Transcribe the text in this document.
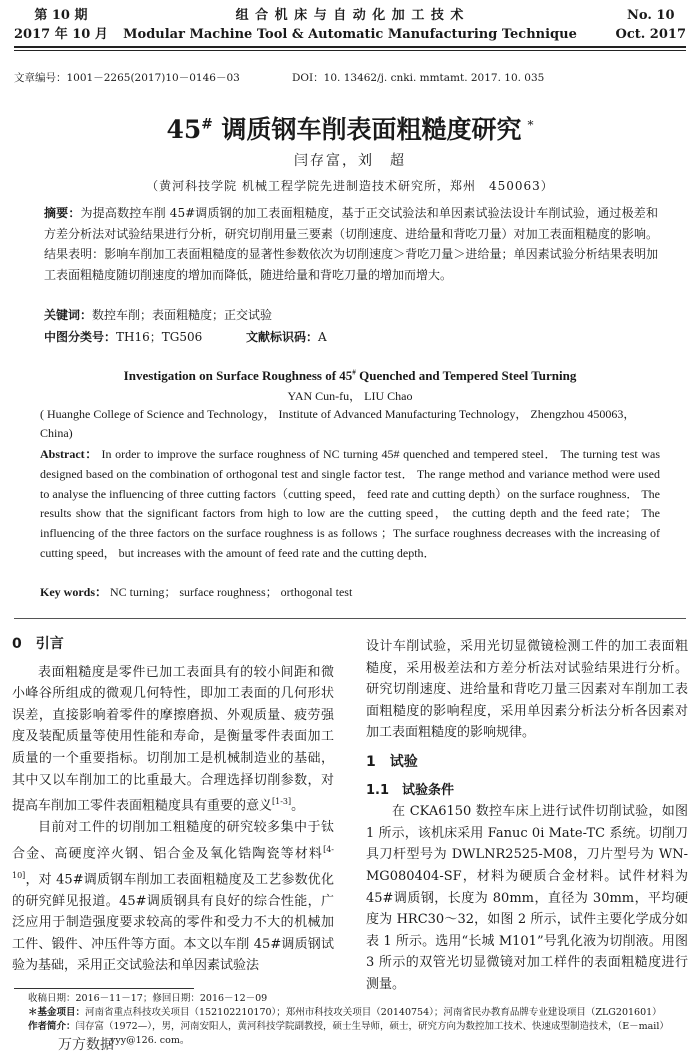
第 10 期
2017 年 10 月
组 合 机 床 与 自 动 化 加 工 技 术
Modular Machine Tool & Automatic Manufacturing Technique
No. 10
Oct. 2017
文章编号：1001－2265(2017)10－0146－03	DOI：10. 13462/j. cnki. mmtamt. 2017. 10. 035
45# 调质钢车削表面粗糙度研究 *
闫存富，刘　超
（黄河科技学院 机械工程学院先进制造技术研究所，郑州　450063）
摘要：为提高数控车削 45#调质钢的加工表面粗糙度，基于正交试验法和单因素试验法设计车削试验，通过极差和方差分析法对试验结果进行分析，研究切削用量三要素（切削速度、进给量和背吃刀量）对加工表面粗糙度的影响。结果表明：影响车削加工表面粗糙度的显著性参数依次为切削速度＞背吃刀量＞进给量；单因素试验分析结果表明加工表面粗糙度随切削速度的增加而降低，随进给量和背吃刀量的增加而增大。
关键词：数控车削；表面粗糙度；正交试验
中图分类号：TH16；TG506	文献标识码：A
Investigation on Surface Roughness of 45# Quenched and Tempered Steel Turning
YAN Cun-fu， LIU Chao
( Huanghe College of Science and Technology， Institute of Advanced Manufacturing Technology， Zhengzhou 450063， China)
Abstract： In order to improve the surface roughness of NC turning 45# quenched and tempered steel． The turning test was designed based on the combination of orthogonal test and single factor test． The range method and variance method were used to analyse the influencing of three cutting factors（cutting speed， feed rate and cutting depth）on the surface roughness． The results show that the significant factors from high to low are the cutting speed， the cutting depth and the feed rate； The influencing of the three factors on the surface roughness is as follows ；The surface roughness decreases with the increasing of cutting speed， but increases with the amount of feed rate and the cutting depth．
Key words： NC turning； surface roughness； orthogonal test
0　引言

表面粗糙度是零件已加工表面具有的较小间距和微小峰谷所组成的微观几何特性，即加工表面的几何形状误差，直接影响着零件的摩擦磨损、外观质量、疲劳强度及装配质量等使用性能和寿命，是衡量零件表面加工质量的一个重要指标。切削加工是机械制造业的基础，其中又以车削加工的比重最大。合理选择切削参数，对提高车削加工零件表面粗糙度具有重要的意义[1-3]。

目前对工件的切削加工粗糙度的研究较多集中于钛合金、高硬度淬火钢、铝合金及氧化锆陶瓷等材料[4-10]，对 45#调质钢车削加工表面粗糙度及工艺参数优化的研究鲜见报道。45#调质钢具有良好的综合性能，广泛应用于制造强度要求较高的零件和受力不大的机械加工件、锻件、冲压件等方面。本文以车削 45#调质钢试验为基础，采用正交试验法和单因素试验法

设计车削试验，采用光切显微镜检测工件的加工表面粗糙度，采用极差法和方差分析法对试验结果进行分析。研究切削速度、进给量和背吃刀量三因素对车削加工表面粗糙度的影响程度，采用单因素分析法分析各因素对加工表面粗糙度的影响规律。

1　试验
1.1　试验条件

在 CKA6150 数控车床上进行试件切削试验，如图 1 所示，该机床采用 Fanuc 0i Mate-TC 系统。切削刀具刀杆型号为 DWLNR2525-M08，刀片型号为 WN-MG080404-SF，材料为硬质合金材料。试件材料为 45#调质钢，长度为 80mm，直径为 30mm，平均硬度为 HRC30～32，如图 2 所示，试件主要化学成分如表 1 所示。选用“长城 M101”号乳化液为切削液。用图 3 所示的双管光切显微镜对加工样件的表面粗糙度进行测量。

收稿日期：2016－11－17；修回日期：2016－12－09
＊基金项目：河南省重点科技攻关项目（152102210170）；郑州市科技攻关项目（20140754）；河南省民办教育品牌专业建设项目（ZLG201601）
作者简介：闫存富（1972—），男，河南安阳人，黄河科技学院副教授，硕士生导师，硕士，研究方向为数控加工技术、快速成型制造技术，（E－mail）
yyy@126. com。
万方数据
